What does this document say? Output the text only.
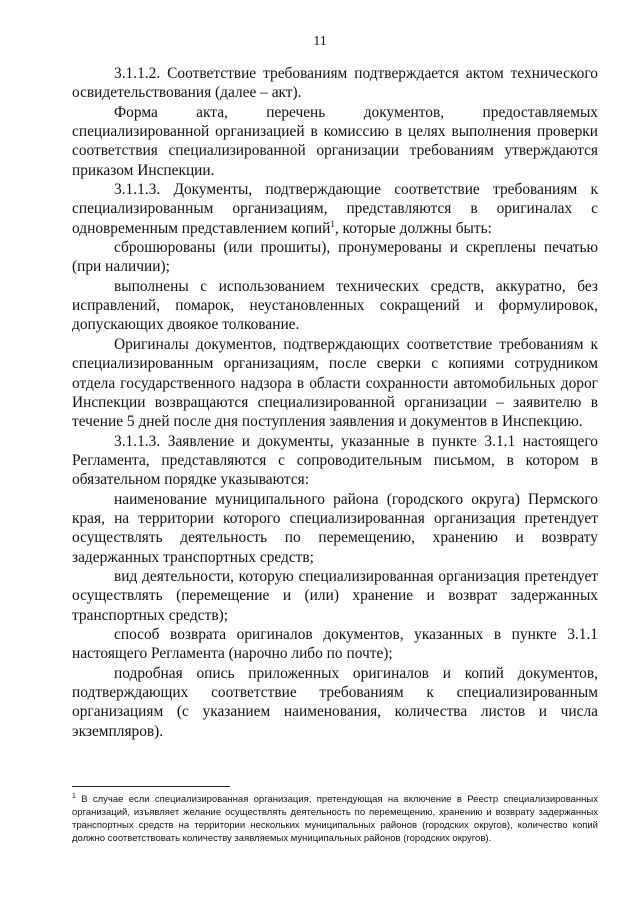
11

3.1.1.2. Соответствие требованиям подтверждается актом технического освидетельствования (далее – акт).

Форма акта, перечень документов, предоставляемых специализированной организацией в комиссию в целях выполнения проверки соответствия специализированной организации требованиям утверждаются приказом Инспекции.

3.1.1.3. Документы, подтверждающие соответствие требованиям к специализированным организациям, представляются в оригиналах с одновременным представлением копий$^1$, которые должны быть:

сброшюрованы (или прошиты), пронумерованы и скреплены печатью (при наличии);

выполнены с использованием технических средств, аккуратно, без исправлений, помарок, неустановленных сокращений и формулировок, допускающих двоякое толкование.

Оригиналы документов, подтверждающих соответствие требованиям к специализированным организациям, после сверки с копиями сотрудником отдела государственного надзора в области сохранности автомобильных дорог Инспекции возвращаются специализированной организации – заявителю в течение 5 дней после дня поступления заявления и документов в Инспекцию.

3.1.1.3. Заявление и документы, указанные в пункте 3.1.1 настоящего Регламента, представляются с сопроводительным письмом, в котором в обязательном порядке указываются:

наименование муниципального района (городского округа) Пермского края, на территории которого специализированная организация претендует осуществлять деятельность по перемещению, хранению и возврату задержанных транспортных средств;

вид деятельности, которую специализированная организация претендует осуществлять (перемещение и (или) хранение и возврат задержанных транспортных средств);

способ возврата оригиналов документов, указанных в пункте 3.1.1 настоящего Регламента (нарочно либо по почте);

подробная опись приложенных оригиналов и копий документов, подтверждающих соответствие требованиям к специализированным организациям (с указанием наименования, количества листов и числа экземпляров).

$^1$ В случае если специализированная организация, претендующая на включение в Реестр специализированных организаций, изъявляет желание осуществлять деятельность по перемещению, хранению и возврату задержанных транспортных средств на территории нескольких муниципальных районов (городских округов), количество копий должно соответствовать количеству заявляемых муниципальных районов (городских округов).
